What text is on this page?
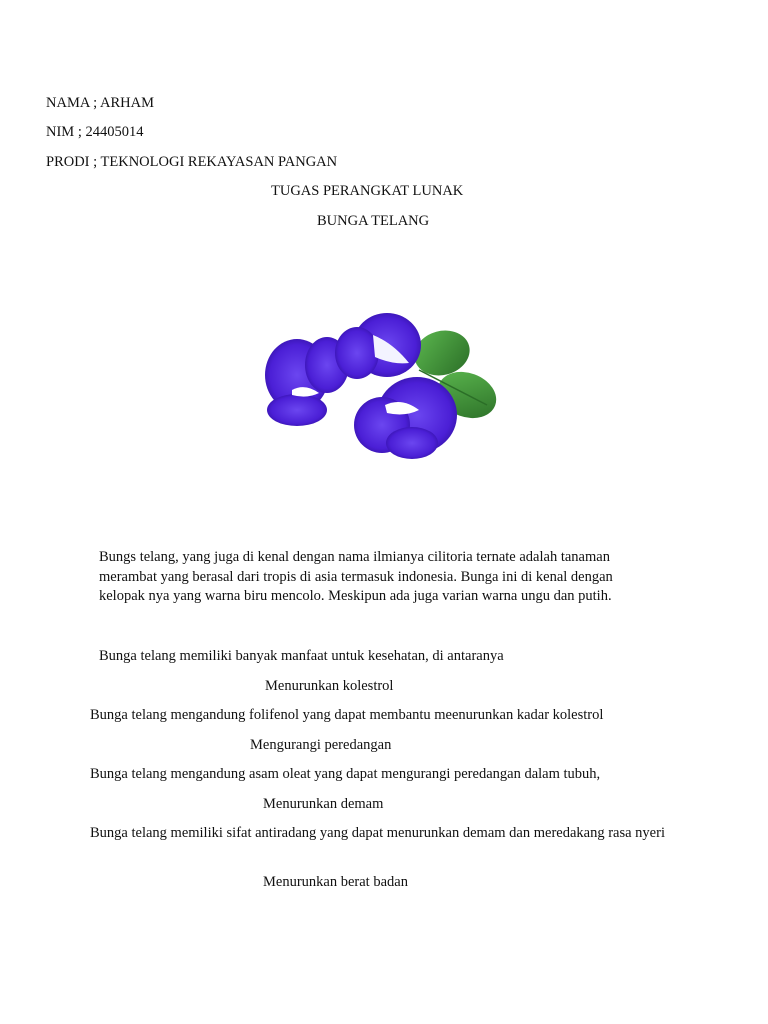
NAMA ; ARHAM
NIM ; 24405014
PRODI ; TEKNOLOGI REKAYASAN PANGAN
TUGAS PERANGKAT LUNAK
BUNGA TELANG
Bungs telang, yang juga di kenal dengan nama ilmianya cilitoria ternate adalah tanaman merambat yang berasal dari tropis di asia termasuk indonesia. Bunga ini di kenal dengan kelopak nya yang warna biru mencolo. Meskipun ada juga varian warna ungu dan putih.
Bunga telang memiliki banyak manfaat untuk kesehatan, di antaranya
Menurunkan kolestrol
Bunga telang mengandung folifenol yang dapat membantu meenurunkan kadar kolestrol
Mengurangi peredangan
Bunga telang mengandung asam oleat yang dapat mengurangi peredangan dalam tubuh,
Menurunkan demam
Bunga telang memiliki sifat antiradang yang dapat menurunkan demam dan meredakang rasa nyeri
Menurunkan berat badan
